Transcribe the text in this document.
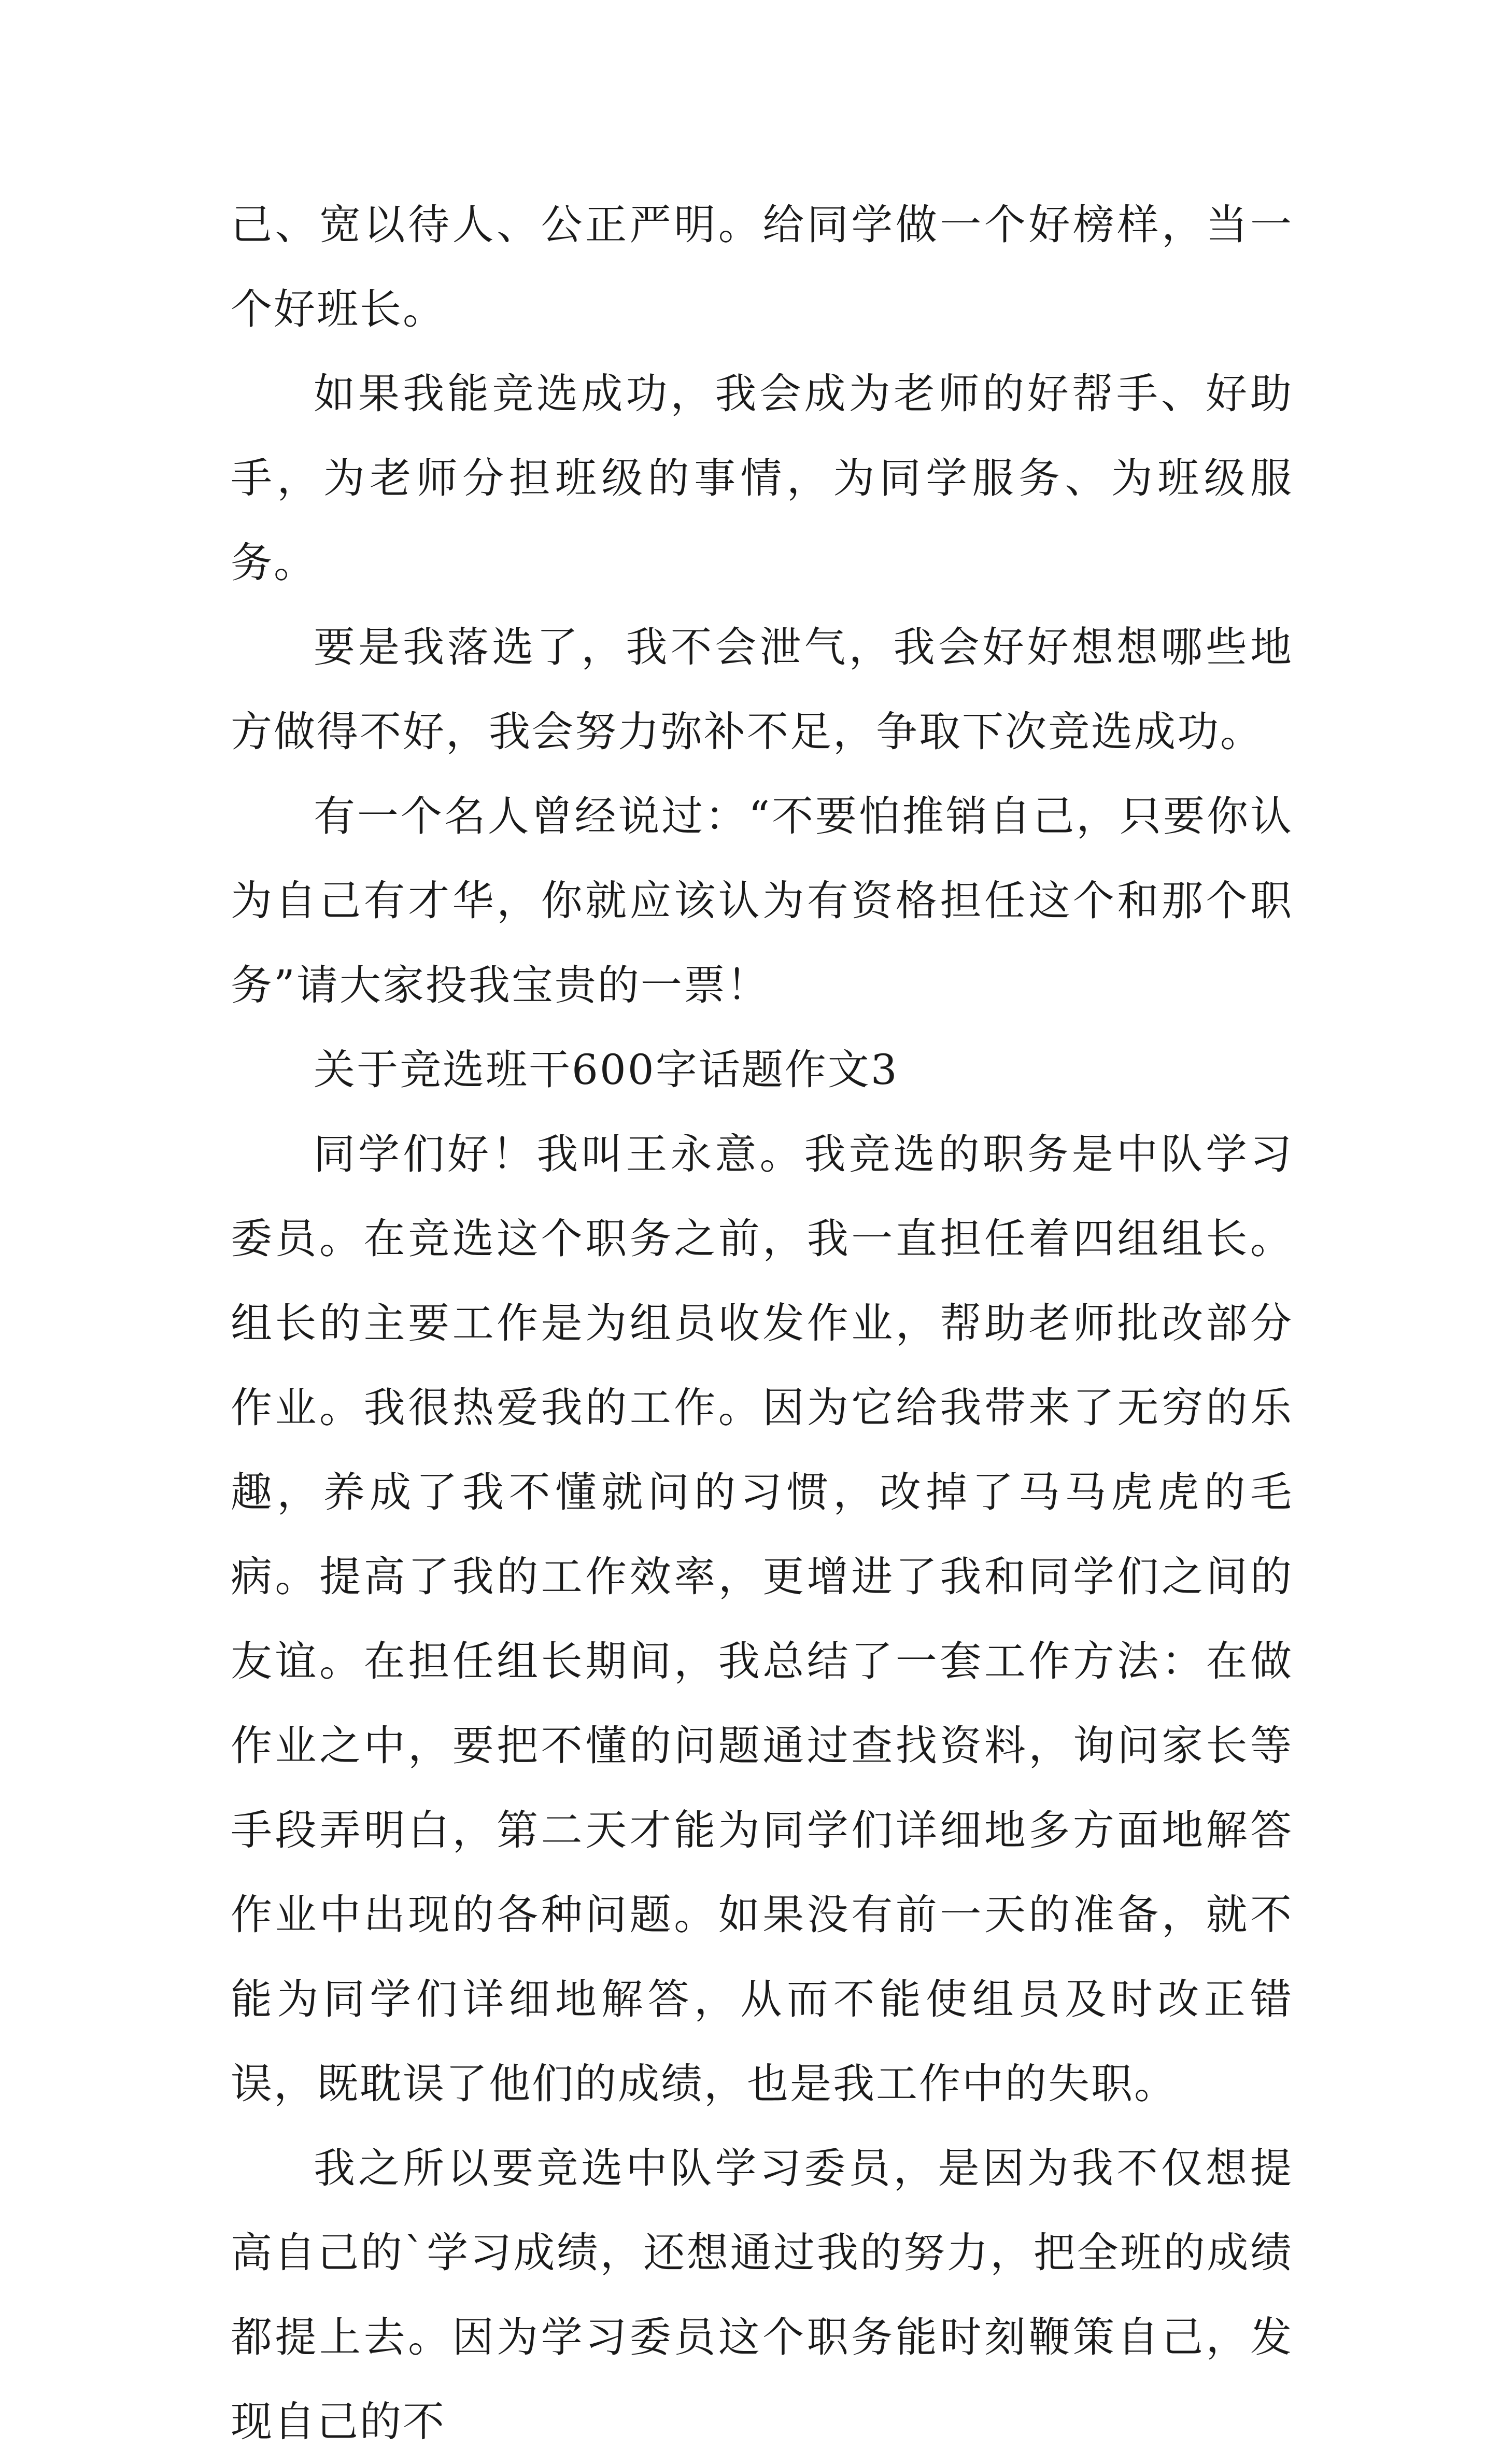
己、宽以待人、公正严明。给同学做一个好榜样，当一个好班长。

如果我能竞选成功，我会成为老师的好帮手、好助手，为老师分担班级的事情，为同学服务、为班级服务。

要是我落选了，我不会泄气，我会好好想想哪些地方做得不好，我会努力弥补不足，争取下次竞选成功。

有一个名人曾经说过：“不要怕推销自己，只要你认为自己有才华，你就应该认为有资格担任这个和那个职务”请大家投我宝贵的一票！

关于竞选班干600字话题作文3

同学们好！我叫王永意。我竞选的职务是中队学习委员。在竞选这个职务之前，我一直担任着四组组长。组长的主要工作是为组员收发作业，帮助老师批改部分作业。我很热爱我的工作。因为它给我带来了无穷的乐趣，养成了我不懂就问的习惯，改掉了马马虎虎的毛病。提高了我的工作效率，更增进了我和同学们之间的友谊。在担任组长期间，我总结了一套工作方法：在做作业之中，要把不懂的问题通过查找资料，询问家长等手段弄明白，第二天才能为同学们详细地多方面地解答作业中出现的各种问题。如果没有前一天的准备，就不能为同学们详细地解答，从而不能使组员及时改正错误，既耽误了他们的成绩，也是我工作中的失职。

我之所以要竞选中队学习委员，是因为我不仅想提高自己的`学习成绩，还想通过我的努力，把全班的成绩都提上去。因为学习委员这个职务能时刻鞭策自己，发现自己的不
